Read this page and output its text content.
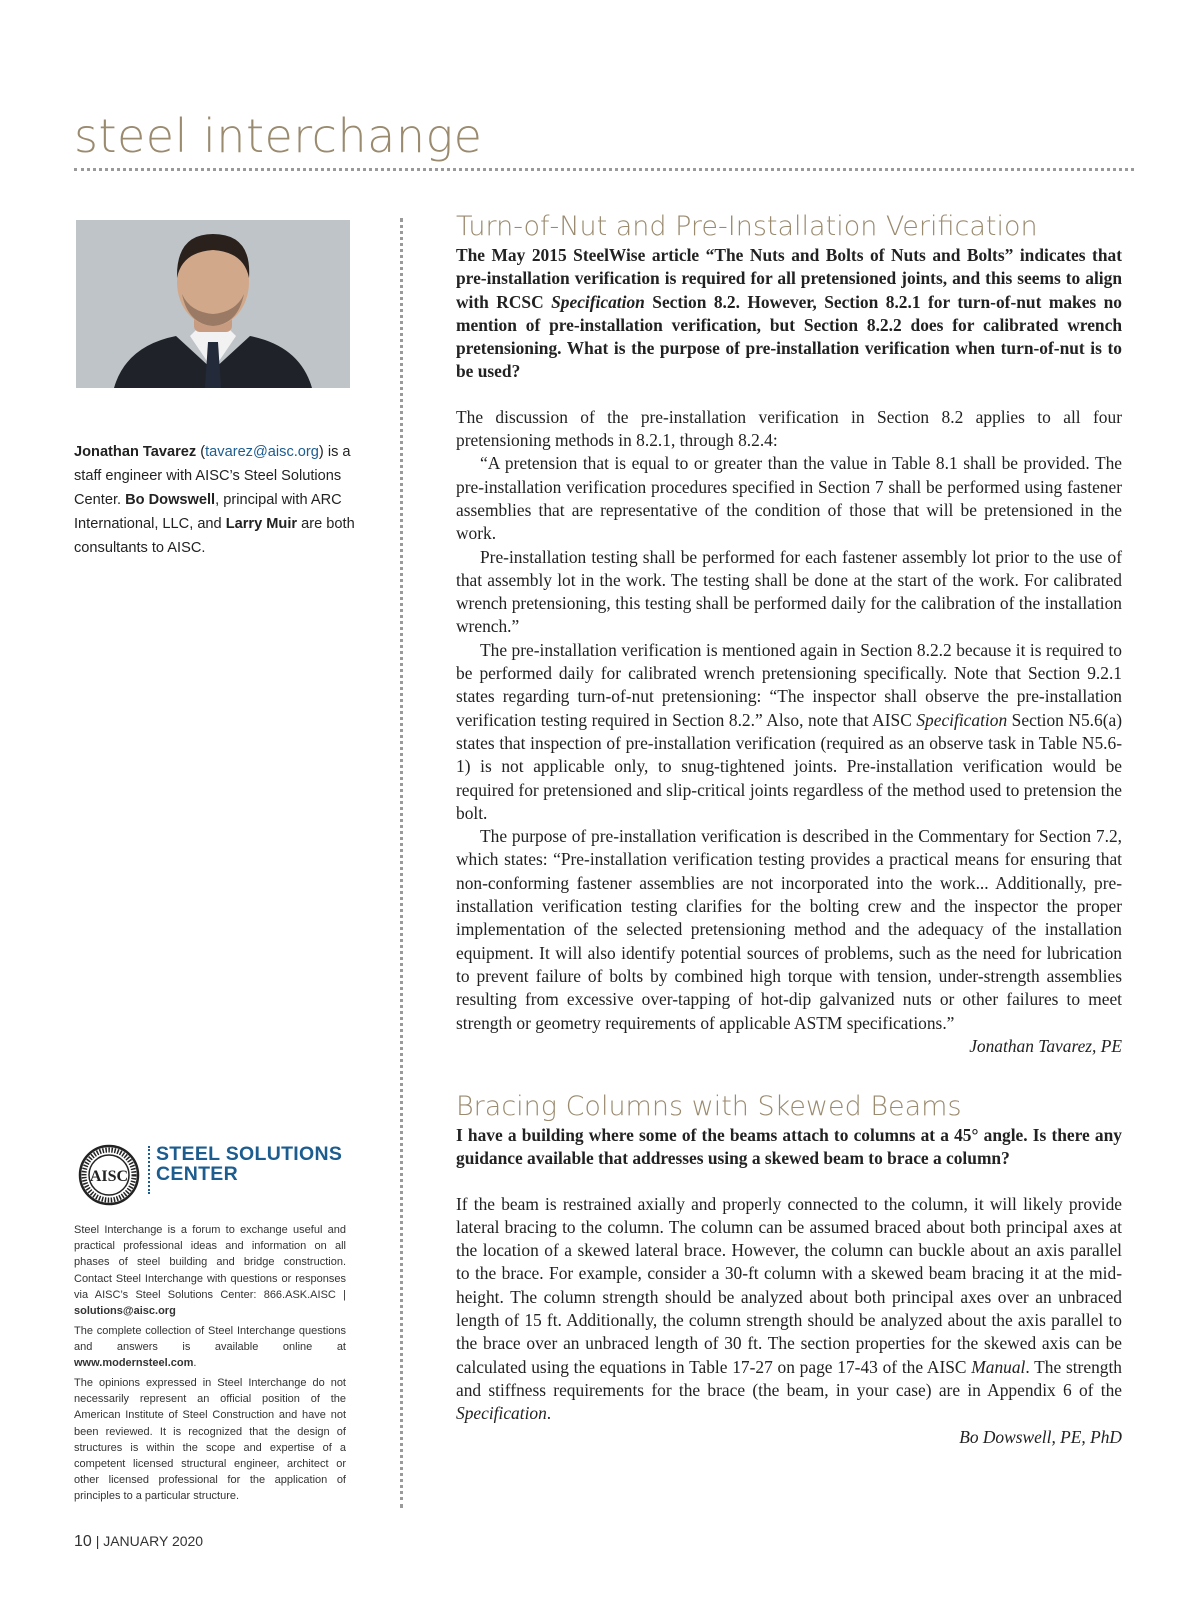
steel interchange

Jonathan Tavarez (tavarez@aisc.org) is a staff engineer with AISC’s Steel Solutions Center. Bo Dowswell, principal with ARC International, LLC, and Larry Muir are both consultants to AISC.

AISC
STEEL SOLUTIONS
CENTER

Steel Interchange is a forum to exchange useful and practical professional ideas and information on all phases of steel building and bridge construction. Contact Steel Interchange with questions or responses via AISC’s Steel Solutions Center: 866.ASK.AISC | solutions@aisc.org

The complete collection of Steel Interchange questions and answers is available online at www.modernsteel.com.

The opinions expressed in Steel Interchange do not necessarily represent an official position of the American Institute of Steel Construction and have not been reviewed. It is recognized that the design of structures is within the scope and expertise of a competent licensed structural engineer, architect or other licensed professional for the application of principles to a particular structure.

10 | JANUARY 2020

Turn-of-Nut and Pre-Installation Verification

The May 2015 SteelWise article “The Nuts and Bolts of Nuts and Bolts” indicates that pre-installation verification is required for all pretensioned joints, and this seems to align with RCSC Specification Section 8.2. However, Section 8.2.1 for turn-of-nut makes no mention of pre-installation verification, but Section 8.2.2 does for calibrated wrench pretensioning. What is the purpose of pre-installation verification when turn-of-nut is to be used?

The discussion of the pre-installation verification in Section 8.2 applies to all four pretensioning methods in 8.2.1, through 8.2.4:

“A pretension that is equal to or greater than the value in Table 8.1 shall be provided. The pre-installation verification procedures specified in Section 7 shall be performed using fastener assemblies that are representative of the condition of those that will be pretensioned in the work.

Pre-installation testing shall be performed for each fastener assembly lot prior to the use of that assembly lot in the work. The testing shall be done at the start of the work. For calibrated wrench pretensioning, this testing shall be performed daily for the calibration of the installation wrench.”

The pre-installation verification is mentioned again in Section 8.2.2 because it is required to be performed daily for calibrated wrench pretensioning specifically. Note that Section 9.2.1 states regarding turn-of-nut pretensioning: “The inspector shall observe the pre-installation verification testing required in Section 8.2.” Also, note that AISC Specification Section N5.6(a) states that inspection of pre-installation verification (required as an observe task in Table N5.6-1) is not applicable only, to snug-tightened joints. Pre-installation verification would be required for pretensioned and slip-critical joints regardless of the method used to pretension the bolt.

The purpose of pre-installation verification is described in the Commentary for Section 7.2, which states: “Pre-installation verification testing provides a practical means for ensuring that non-conforming fastener assemblies are not incorporated into the work... Additionally, pre-installation verification testing clarifies for the bolting crew and the inspector the proper implementation of the selected pretensioning method and the adequacy of the installation equipment. It will also identify potential sources of problems, such as the need for lubrication to prevent failure of bolts by combined high torque with tension, under-strength assemblies resulting from excessive over-tapping of hot-dip galvanized nuts or other failures to meet strength or geometry requirements of applicable ASTM specifications.”

Jonathan Tavarez, PE

Bracing Columns with Skewed Beams

I have a building where some of the beams attach to columns at a 45° angle. Is there any guidance available that addresses using a skewed beam to brace a column?

If the beam is restrained axially and properly connected to the column, it will likely provide lateral bracing to the column. The column can be assumed braced about both principal axes at the location of a skewed lateral brace. However, the column can buckle about an axis parallel to the brace. For example, consider a 30-ft column with a skewed beam bracing it at the mid-height. The column strength should be analyzed about both principal axes over an unbraced length of 15 ft. Additionally, the column strength should be analyzed about the axis parallel to the brace over an unbraced length of 30 ft. The section properties for the skewed axis can be calculated using the equations in Table 17-27 on page 17-43 of the AISC Manual. The strength and stiffness requirements for the brace (the beam, in your case) are in Appendix 6 of the Specification.

Bo Dowswell, PE, PhD
